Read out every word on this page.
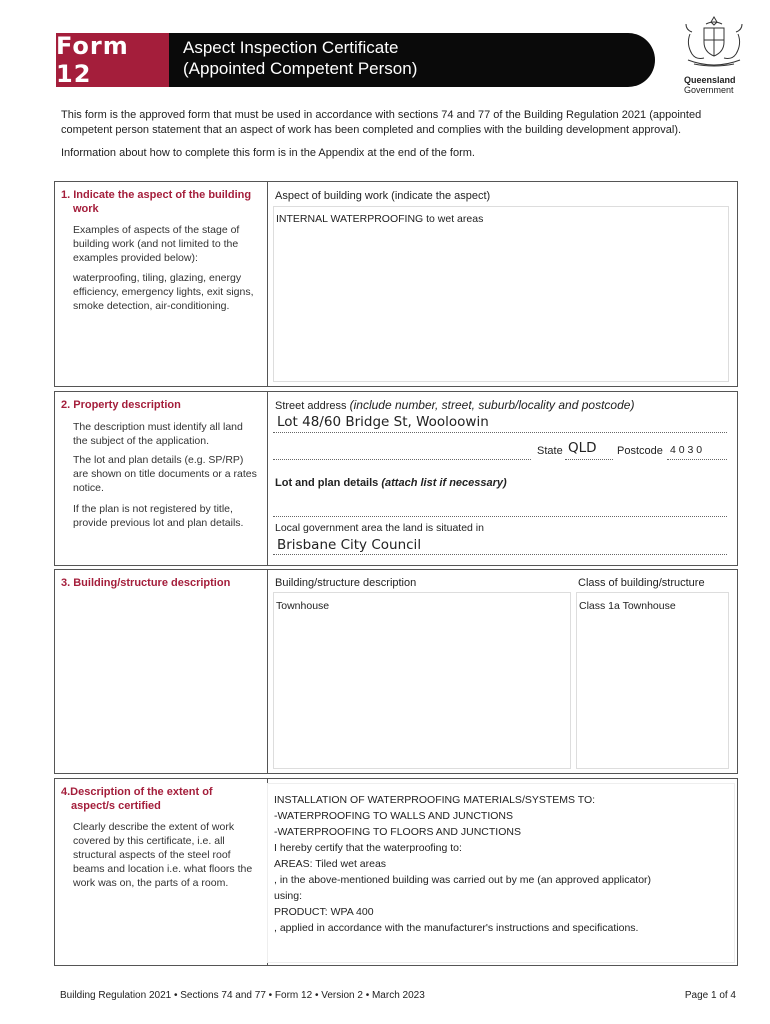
Form 12
Aspect Inspection Certificate
(Appointed Competent Person)
Queensland
Government

This form is the approved form that must be used in accordance with sections 74 and 77 of the Building Regulation 2021 (appointed competent person statement that an aspect of work has been completed and complies with the building development approval).

Information about how to complete this form is in the Appendix at the end of the form.

1. Indicate the aspect of the building
work
Examples of aspects of the stage of building work (and not limited to the examples provided below):
waterproofing, tiling, glazing, energy efficiency, emergency lights, exit signs, smoke detection, air-conditioning.
Aspect of building work (indicate the aspect)
INTERNAL WATERPROOFING to wet areas
2. Property description
The description must identify all land the subject of the application.
The lot and plan details (e.g. SP/RP) are shown on title documents or a rates notice.
If the plan is not registered by title, provide previous lot and plan details.
Street address (include number, street, suburb/locality and postcode)
Lot 48/60 Bridge St, Wooloowin
State QLD Postcode 4 0 3 0
Lot and plan details (attach list if necessary)
Local government area the land is situated in
Brisbane City Council
3. Building/structure description	Building/structure description	Class of building/structure
Townhouse	Class 1a Townhouse
4.Description of the extent of
aspect/s certified
Clearly describe the extent of work covered by this certificate, i.e. all structural aspects of the steel roof beams and location i.e. what floors the work was on, the parts of a room.
INSTALLATION OF WATERPROOFING MATERIALS/SYSTEMS TO:
-WATERPROOFING TO WALLS AND JUNCTIONS
-WATERPROOFING TO FLOORS AND JUNCTIONS
I hereby certify that the waterproofing to:
AREAS: Tiled wet areas
, in the above-mentioned building was carried out by me (an approved applicator)
using:
PRODUCT: WPA 400
, applied in accordance with the manufacturer's instructions and specifications.
Building Regulation 2021 • Sections 74 and 77 • Form 12 • Version 2 • March 2023	Page 1 of 4
